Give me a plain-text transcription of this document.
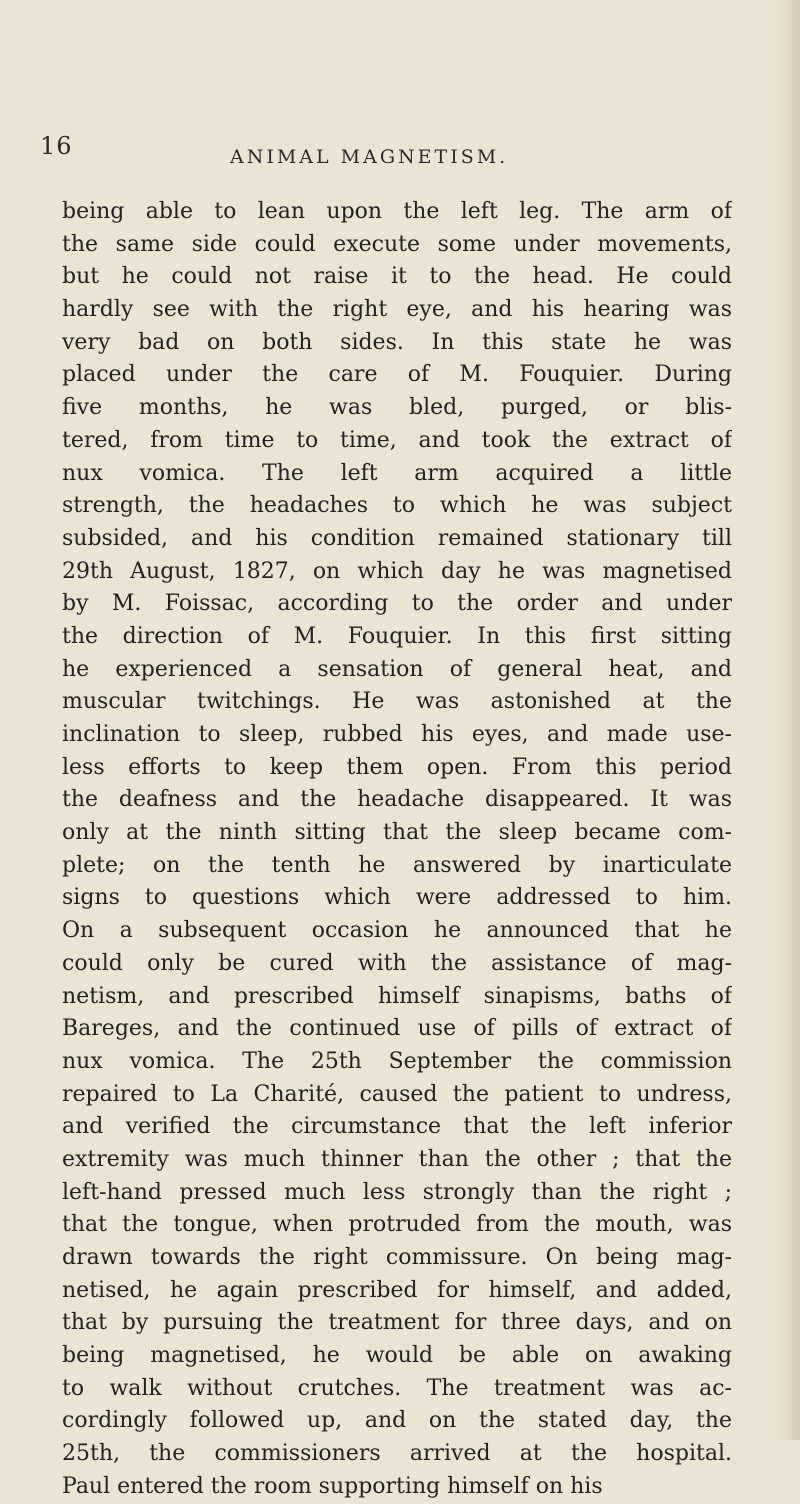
16	ANIMAL MAGNETISM.
being able to lean upon the left leg. The arm of
the same side could execute some under movements,
but he could not raise it to the head. He could
hardly see with the right eye, and his hearing was
very bad on both sides. In this state he was
placed under the care of M. Fouquier. During
five months, he was bled, purged, or blis-
tered, from time to time, and took the extract of
nux vomica. The left arm acquired a little
strength, the headaches to which he was subject
subsided, and his condition remained stationary till
29th August, 1827, on which day he was magnetised
by M. Foissac, according to the order and under
the direction of M. Fouquier. In this first sitting
he experienced a sensation of general heat, and
muscular twitchings. He was astonished at the
inclination to sleep, rubbed his eyes, and made use-
less efforts to keep them open. From this period
the deafness and the headache disappeared. It was
only at the ninth sitting that the sleep became com-
plete; on the tenth he answered by inarticulate
signs to questions which were addressed to him.
On a subsequent occasion he announced that he
could only be cured with the assistance of mag-
netism, and prescribed himself sinapisms, baths of
Bareges, and the continued use of pills of extract of
nux vomica. The 25th September the commission
repaired to La Charité, caused the patient to undress,
and verified the circumstance that the left inferior
extremity was much thinner than the other ; that the
left-hand pressed much less strongly than the right ;
that the tongue, when protruded from the mouth, was
drawn towards the right commissure. On being mag-
netised, he again prescribed for himself, and added,
that by pursuing the treatment for three days, and on
being magnetised, he would be able on awaking
to walk without crutches. The treatment was ac-
cordingly followed up, and on the stated day, the
25th, the commissioners arrived at the hospital.
Paul entered the room supporting himself on his
